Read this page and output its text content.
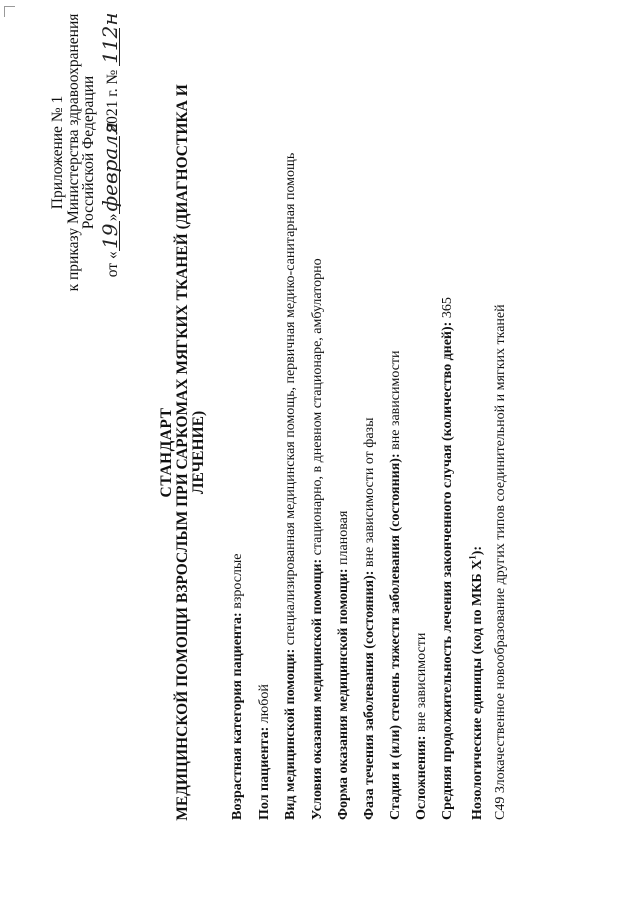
Приложение № 1
к приказу Министерства здравоохранения
Российской Федерации
от «19»февраля 2021 г. № 112н
СТАНДАРТ МЕДИЦИНСКОЙ ПОМОЩИ ВЗРОСЛЫМ ПРИ САРКОМАХ МЯГКИХ ТКАНЕЙ (ДИАГНОСТИКА И ЛЕЧЕНИЕ)
Возрастная категория пациента: взрослые
Пол пациента: любой Вид медицинской помощи: специализированная медицинская помощь, первичная медико-санитарная помощь
Условия оказания медицинской помощи: стационарно, в дневном стационаре, амбулаторно
Форма оказания медицинской помощи: плановая
Фаза течения заболевания (состояния): вне зависимости от фазы Стадия и (или) степень тяжести заболевания (состояния): вне зависимости
Осложнения: вне зависимости Средняя продолжительность лечения законченного случая (количество дней): 365
Нозологические единицы (код по МКБ $X^1$): C49 Злокачественное новообразование других типов соединительной и мягких тканей
